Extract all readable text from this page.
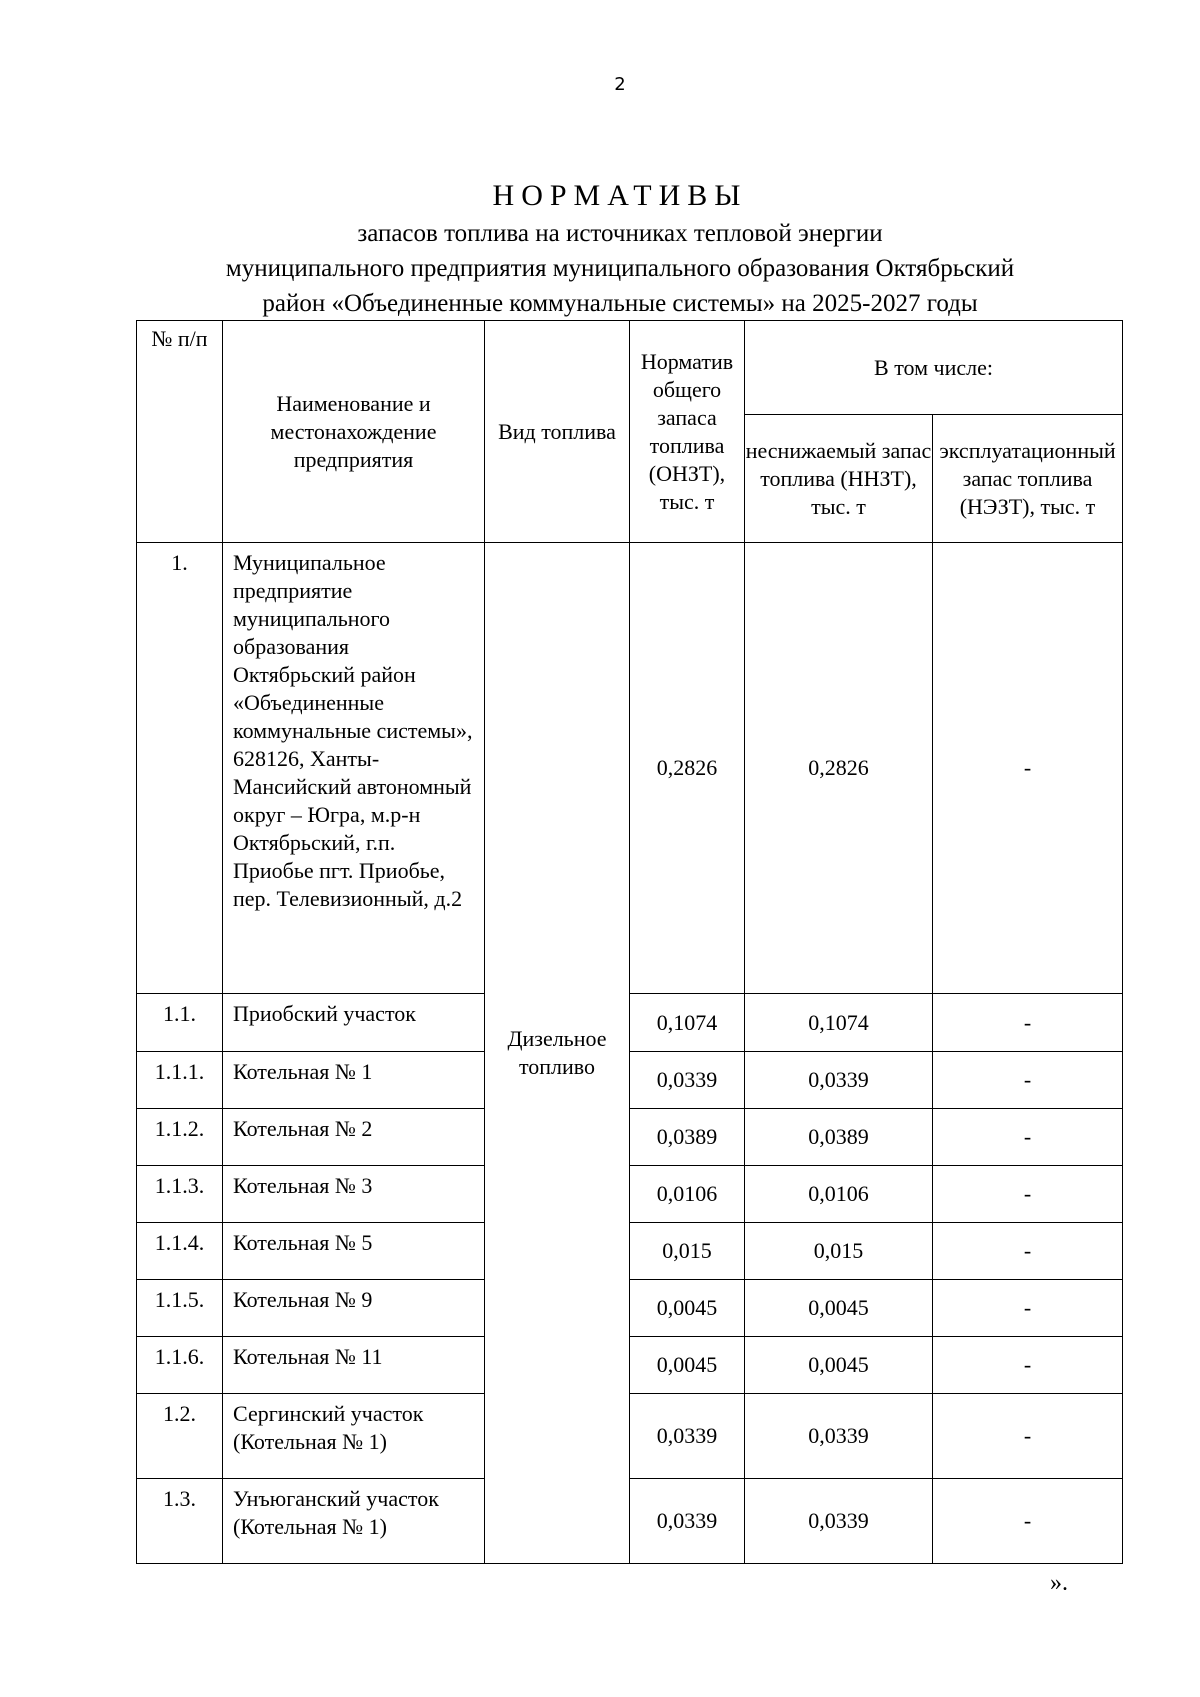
2
НОРМАТИВЫ
запасов топлива на источниках тепловой энергии
муниципального предприятия муниципального образования Октябрьский
район «Объединенные коммунальные системы» на 2025-2027 годы
№ п/п	Наименование и местонахождение предприятия	Вид топлива	Норматив общего запаса топлива (ОНЗТ), тыс. т	В том числе:	
				неснижаемый запас топлива (ННЗТ), тыс. т	эксплуатационный запас топлива (НЭЗТ), тыс. т
1.	Муниципальное предприятие муниципального образования Октябрьский район «Объединенные коммунальные системы», 628126, Ханты-Мансийский автономный округ – Югра, м.р-н Октябрьский, г.п. Приобье пгт. Приобье, пер. Телевизионный, д.2	Дизельное топливо	0,2826	0,2826	-
1.1.	Приобский участок		0,1074	0,1074	-
1.1.1.	Котельная № 1		0,0339	0,0339	-
1.1.2.	Котельная № 2		0,0389	0,0389	-
1.1.3.	Котельная № 3		0,0106	0,0106	-
1.1.4.	Котельная № 5		0,015	0,015	-
1.1.5.	Котельная № 9		0,0045	0,0045	-
1.1.6.	Котельная № 11		0,0045	0,0045	-
1.2.	Сергинский участок (Котельная № 1)		0,0339	0,0339	-
1.3.	Унъюганский участок (Котельная № 1)		0,0339	0,0339	-
».
